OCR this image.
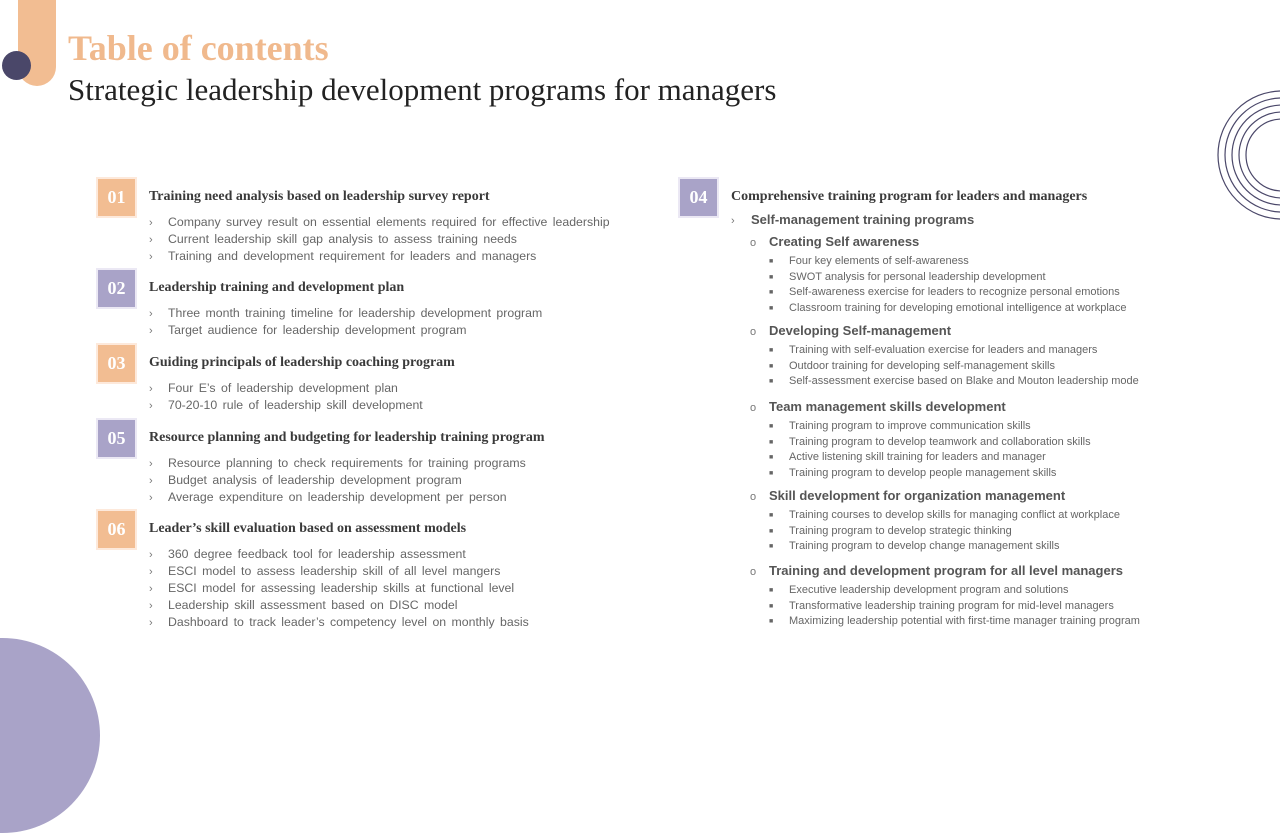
Table of contents
Strategic leadership development programs for managers
01	Training need analysis based on leadership survey report
› Company survey result on essential elements required for effective leadership
› Current leadership skill gap analysis to assess training needs
› Training and development requirement for leaders and managers
02	Leadership training and development plan
› Three month training timeline for leadership development program
› Target audience for leadership development program
03	Guiding principals of leadership coaching program
› Four E’s of leadership development plan
› 70-20-10 rule of leadership skill development
05	Resource planning and budgeting for leadership training program
› Resource planning to check requirements for training programs
› Budget analysis of leadership development program
› Average expenditure on leadership development per person
06	Leader’s skill evaluation based on assessment models
› 360 degree feedback tool for leadership assessment
› ESCI model to assess leadership skill of all level mangers
› ESCI model for assessing leadership skills at functional level
› Leadership skill assessment based on DISC model
› Dashboard to track leader’s competency level on monthly basis
04	Comprehensive training program for leaders and managers
› Self-management training programs
o Creating Self awareness
■ Four key elements of self-awareness
■ SWOT analysis for personal leadership development
■ Self-awareness exercise for leaders to recognize personal emotions
■ Classroom training for developing emotional intelligence at workplace
o Developing Self-management
■ Training with self-evaluation exercise for leaders and managers
■ Outdoor training for developing self-management skills
■ Self-assessment exercise based on Blake and Mouton leadership mode
o Team management skills development
■ Training program to improve communication skills
■ Training program to develop teamwork and collaboration skills
■ Active listening skill training for leaders and manager
■ Training program to develop people management skills
o Skill development for organization management
■ Training courses to develop skills for managing conflict at workplace
■ Training program to develop strategic thinking
■ Training program to develop change management skills
o Training and development program for all level managers
■ Executive leadership development program and solutions
■ Transformative leadership training program for mid-level managers
■ Maximizing leadership potential with first-time manager training program
